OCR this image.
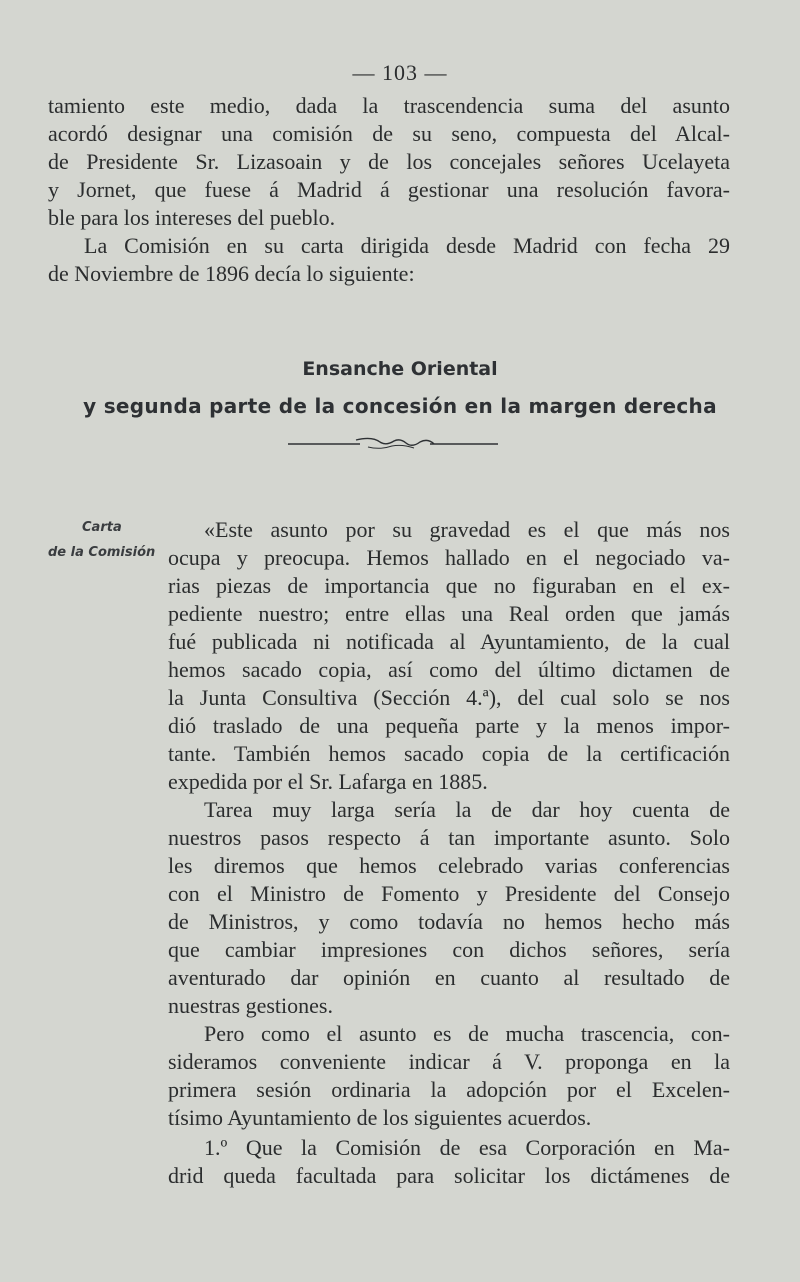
— 103 —
tamiento este medio, dada la trascendencia suma del asunto
acordó designar una comisión de su seno, compuesta del Alcal-
de Presidente Sr. Lizasoain y de los concejales señores Ucelayeta
y Jornet, que fuese á Madrid á gestionar una resolución favora-
ble para los intereses del pueblo.
La Comisión en su carta dirigida desde Madrid con fecha 29
de Noviembre de 1896 decía lo siguiente:
Ensanche Oriental
y segunda parte de la concesión en la margen derecha
Carta
de la Comisión
«Este asunto por su gravedad es el que más nos
ocupa y preocupa. Hemos hallado en el negociado va-
rias piezas de importancia que no figuraban en el ex-
pediente nuestro; entre ellas una Real orden que jamás
fué publicada ni notificada al Ayuntamiento, de la cual
hemos sacado copia, así como del último dictamen de
la Junta Consultiva (Sección 4.ª), del cual solo se nos
dió traslado de una pequeña parte y la menos impor-
tante. También hemos sacado copia de la certificación
expedida por el Sr. Lafarga en 1885.
Tarea muy larga sería la de dar hoy cuenta de
nuestros pasos respecto á tan importante asunto. Solo
les diremos que hemos celebrado varias conferencias
con el Ministro de Fomento y Presidente del Consejo
de Ministros, y como todavía no hemos hecho más
que cambiar impresiones con dichos señores, sería
aventurado dar opinión en cuanto al resultado de
nuestras gestiones.
Pero como el asunto es de mucha trascencia, con-
sideramos conveniente indicar á V. proponga en la
primera sesión ordinaria la adopción por el Excelen-
tísimo Ayuntamiento de los siguientes acuerdos.
1.º Que la Comisión de esa Corporación en Ma-
drid queda facultada para solicitar los dictámenes de
